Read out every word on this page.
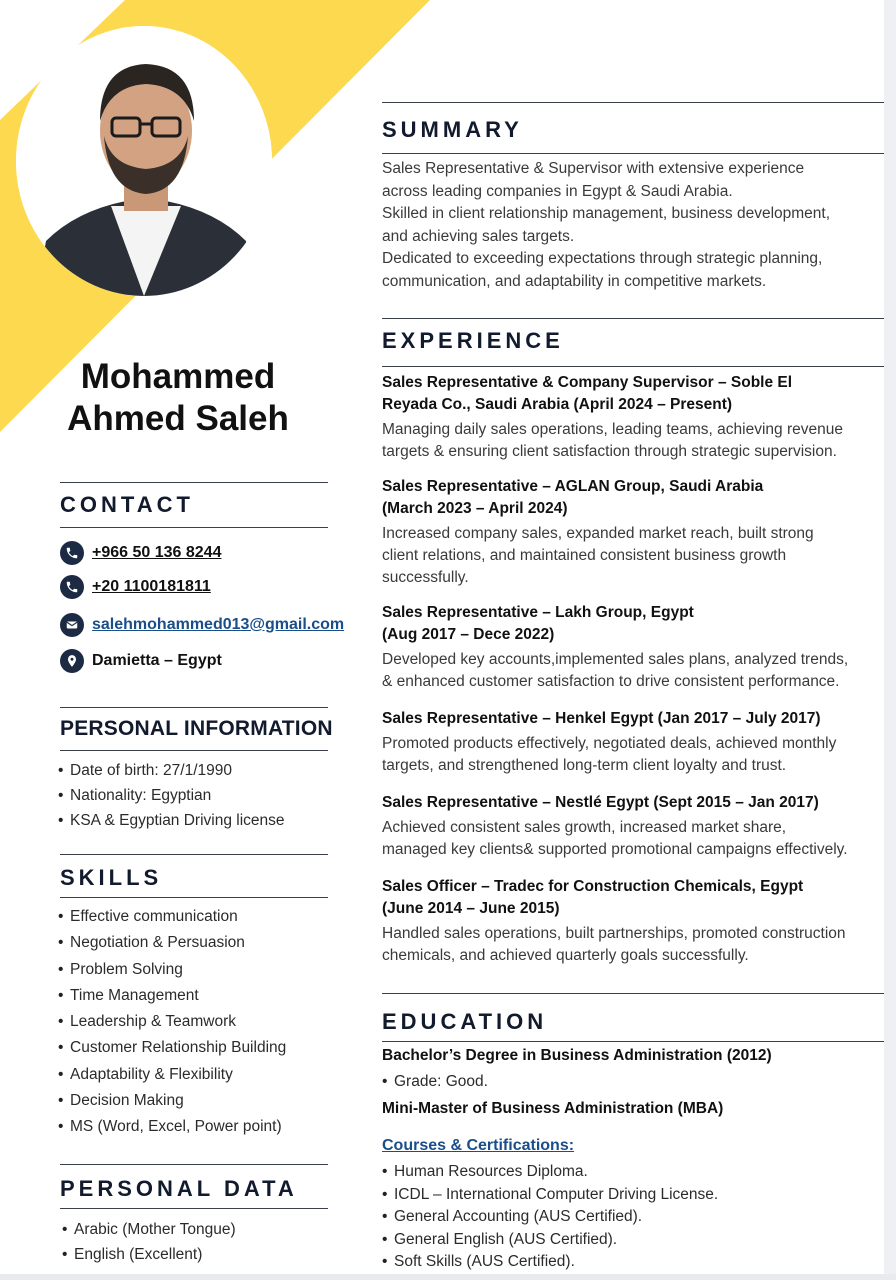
Mohammed
Ahmed Saleh
CONTACT
+966 50 136 8244
+20 1100181811
salehmohammed013@gmail.com
Damietta – Egypt
PERSONAL INFORMATION
• Date of birth: 27/1/1990
• Nationality: Egyptian
• KSA & Egyptian Driving license
SKILLS
• Effective communication
• Negotiation & Persuasion
• Problem Solving
• Time Management
• Leadership & Teamwork
• Customer Relationship Building
• Adaptability & Flexibility
• Decision Making
• MS (Word, Excel, Power point)
PERSONAL DATA
• Arabic (Mother Tongue)
• English (Excellent)
SUMMARY
Sales Representative & Supervisor with extensive experience
across leading companies in Egypt & Saudi Arabia.
Skilled in client relationship management, business development,
and achieving sales targets.
Dedicated to exceeding expectations through strategic planning,
communication, and adaptability in competitive markets.
EXPERIENCE
Sales Representative & Company Supervisor – Soble El
Reyada Co., Saudi Arabia (April 2024 – Present)
Managing daily sales operations, leading teams, achieving revenue
targets & ensuring client satisfaction through strategic supervision.
Sales Representative – AGLAN Group, Saudi Arabia
(March 2023 – April 2024)
Increased company sales, expanded market reach, built strong
client relations, and maintained consistent business growth
successfully.
Sales Representative – Lakh Group, Egypt
(Aug 2017 – Dece 2022)
Developed key accounts,implemented sales plans, analyzed trends,
& enhanced customer satisfaction to drive consistent performance.
Sales Representative – Henkel Egypt (Jan 2017 – July 2017)
Promoted products effectively, negotiated deals, achieved monthly
targets, and strengthened long-term client loyalty and trust.
Sales Representative – Nestlé Egypt (Sept 2015 – Jan 2017)
Achieved consistent sales growth, increased market share,
managed key clients& supported promotional campaigns effectively.
Sales Officer – Tradec for Construction Chemicals, Egypt
(June 2014 – June 2015)
Handled sales operations, built partnerships, promoted construction
chemicals, and achieved quarterly goals successfully.
EDUCATION
Bachelor’s Degree in Business Administration (2012)
• Grade: Good.
Mini-Master of Business Administration (MBA)
Courses & Certifications:
• Human Resources Diploma.
• ICDL – International Computer Driving License.
• General Accounting (AUS Certified).
• General English (AUS Certified).
• Soft Skills (AUS Certified).
